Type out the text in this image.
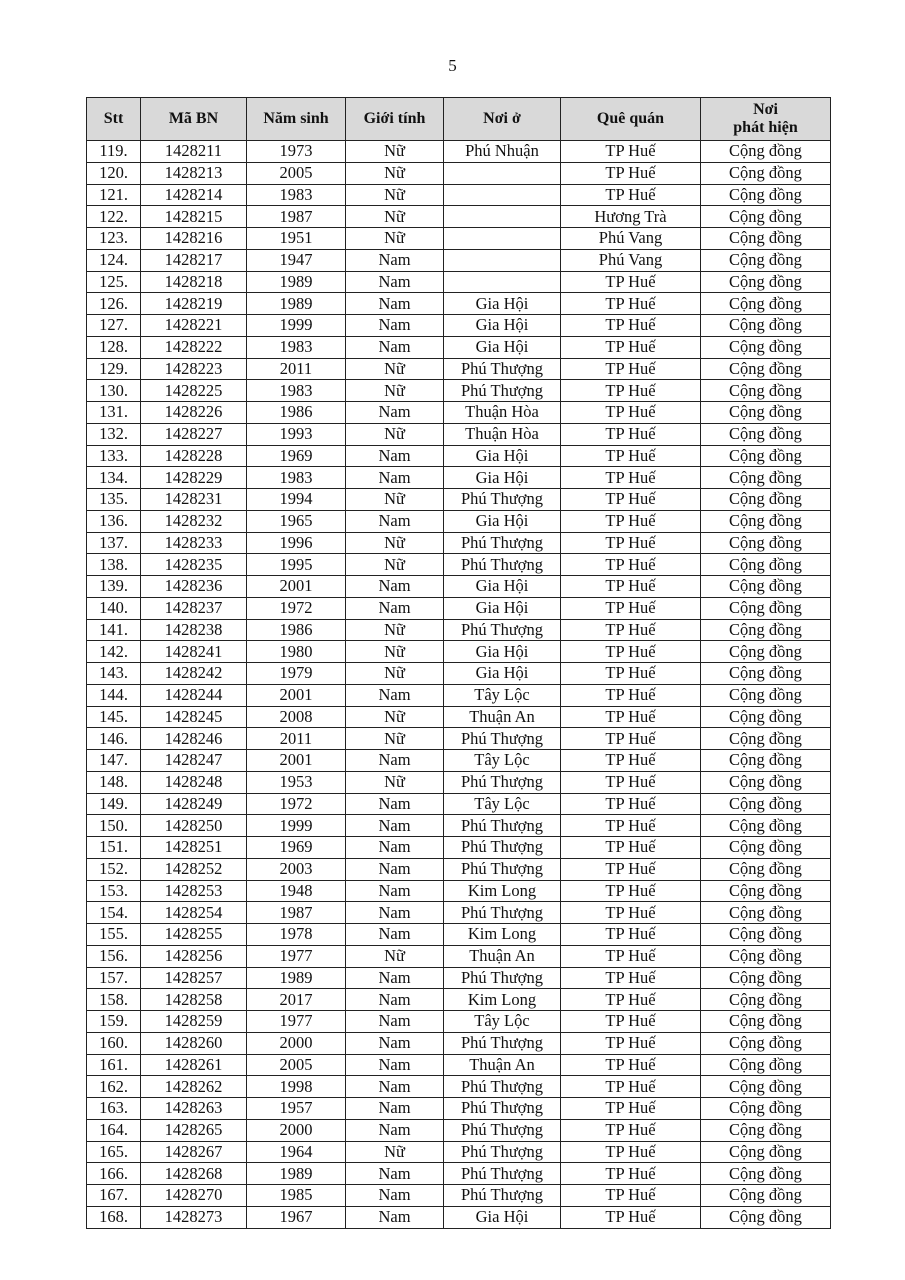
5
Stt	Mã BN	Năm sinh	Giới tính	Nơi ở	Quê quán	Nơi
phát hiện

119.	1428211	1973	Nữ	Phú Nhuận	TP Huế	Cộng đồng
120.	1428213	2005	Nữ		TP Huế	Cộng đồng
121.	1428214	1983	Nữ		TP Huế	Cộng đồng
122.	1428215	1987	Nữ		Hương Trà	Cộng đồng
123.	1428216	1951	Nữ		Phú Vang	Cộng đồng
124.	1428217	1947	Nam		Phú Vang	Cộng đồng
125.	1428218	1989	Nam		TP Huế	Cộng đồng
126.	1428219	1989	Nam	Gia Hội	TP Huế	Cộng đồng
127.	1428221	1999	Nam	Gia Hội	TP Huế	Cộng đồng
128.	1428222	1983	Nam	Gia Hội	TP Huế	Cộng đồng
129.	1428223	2011	Nữ	Phú Thượng	TP Huế	Cộng đồng
130.	1428225	1983	Nữ	Phú Thượng	TP Huế	Cộng đồng
131.	1428226	1986	Nam	Thuận Hòa	TP Huế	Cộng đồng
132.	1428227	1993	Nữ	Thuận Hòa	TP Huế	Cộng đồng
133.	1428228	1969	Nam	Gia Hội	TP Huế	Cộng đồng
134.	1428229	1983	Nam	Gia Hội	TP Huế	Cộng đồng
135.	1428231	1994	Nữ	Phú Thượng	TP Huế	Cộng đồng
136.	1428232	1965	Nam	Gia Hội	TP Huế	Cộng đồng
137.	1428233	1996	Nữ	Phú Thượng	TP Huế	Cộng đồng
138.	1428235	1995	Nữ	Phú Thượng	TP Huế	Cộng đồng
139.	1428236	2001	Nam	Gia Hội	TP Huế	Cộng đồng
140.	1428237	1972	Nam	Gia Hội	TP Huế	Cộng đồng
141.	1428238	1986	Nữ	Phú Thượng	TP Huế	Cộng đồng
142.	1428241	1980	Nữ	Gia Hội	TP Huế	Cộng đồng
143.	1428242	1979	Nữ	Gia Hội	TP Huế	Cộng đồng
144.	1428244	2001	Nam	Tây Lộc	TP Huế	Cộng đồng
145.	1428245	2008	Nữ	Thuận An	TP Huế	Cộng đồng
146.	1428246	2011	Nữ	Phú Thượng	TP Huế	Cộng đồng
147.	1428247	2001	Nam	Tây Lộc	TP Huế	Cộng đồng
148.	1428248	1953	Nữ	Phú Thượng	TP Huế	Cộng đồng
149.	1428249	1972	Nam	Tây Lộc	TP Huế	Cộng đồng
150.	1428250	1999	Nam	Phú Thượng	TP Huế	Cộng đồng
151.	1428251	1969	Nam	Phú Thượng	TP Huế	Cộng đồng
152.	1428252	2003	Nam	Phú Thượng	TP Huế	Cộng đồng
153.	1428253	1948	Nam	Kim Long	TP Huế	Cộng đồng
154.	1428254	1987	Nam	Phú Thượng	TP Huế	Cộng đồng
155.	1428255	1978	Nam	Kim Long	TP Huế	Cộng đồng
156.	1428256	1977	Nữ	Thuận An	TP Huế	Cộng đồng
157.	1428257	1989	Nam	Phú Thượng	TP Huế	Cộng đồng
158.	1428258	2017	Nam	Kim Long	TP Huế	Cộng đồng
159.	1428259	1977	Nam	Tây Lộc	TP Huế	Cộng đồng
160.	1428260	2000	Nam	Phú Thượng	TP Huế	Cộng đồng
161.	1428261	2005	Nam	Thuận An	TP Huế	Cộng đồng
162.	1428262	1998	Nam	Phú Thượng	TP Huế	Cộng đồng
163.	1428263	1957	Nam	Phú Thượng	TP Huế	Cộng đồng
164.	1428265	2000	Nam	Phú Thượng	TP Huế	Cộng đồng
165.	1428267	1964	Nữ	Phú Thượng	TP Huế	Cộng đồng
166.	1428268	1989	Nam	Phú Thượng	TP Huế	Cộng đồng
167.	1428270	1985	Nam	Phú Thượng	TP Huế	Cộng đồng
168.	1428273	1967	Nam	Gia Hội	TP Huế	Cộng đồng
